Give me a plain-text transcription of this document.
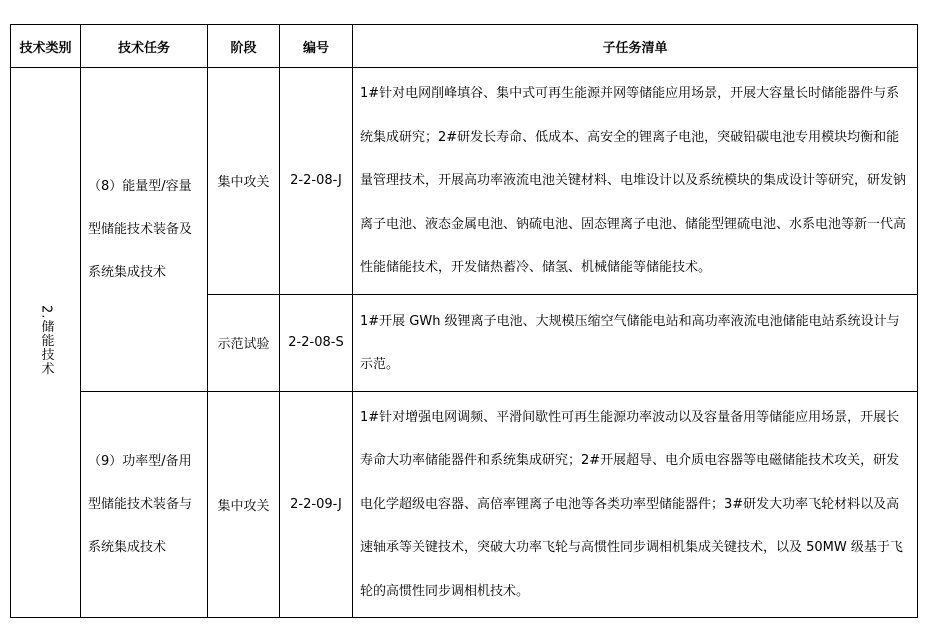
技术类别	技术任务	阶段	编号	子任务清单
2.储能技术	（8）能量型/容量型储能技术装备及系统集成技术	集中攻关	2-2-08-J	1#针对电网削峰填谷、集中式可再生能源并网等储能应用场景，开展大容量长时储能器件与系统集成研究；2#研发长寿命、低成本、高安全的锂离子电池，突破铅碳电池专用模块均衡和能量管理技术，开展高功率液流电池关键材料、电堆设计以及系统模块的集成设计等研究，研发钠离子电池、液态金属电池、钠硫电池、固态锂离子电池、储能型锂硫电池、水系电池等新一代高性能储能技术，开发储热蓄冷、储氢、机械储能等储能技术。
		示范试验	2-2-08-S	1#开展 GWh 级锂离子电池、大规模压缩空气储能电站和高功率液流电池储能电站系统设计与示范。
	（9）功率型/备用型储能技术装备与系统集成技术	集中攻关	2-2-09-J	1#针对增强电网调频、平滑间歇性可再生能源功率波动以及容量备用等储能应用场景，开展长寿命大功率储能器件和系统集成研究；2#开展超导、电介质电容器等电磁储能技术攻关，研发电化学超级电容器、高倍率锂离子电池等各类功率型储能器件；3#研发大功率飞轮材料以及高速轴承等关键技术，突破大功率飞轮与高惯性同步调相机集成关键技术，以及 50MW 级基于飞轮的高惯性同步调相机技术。
